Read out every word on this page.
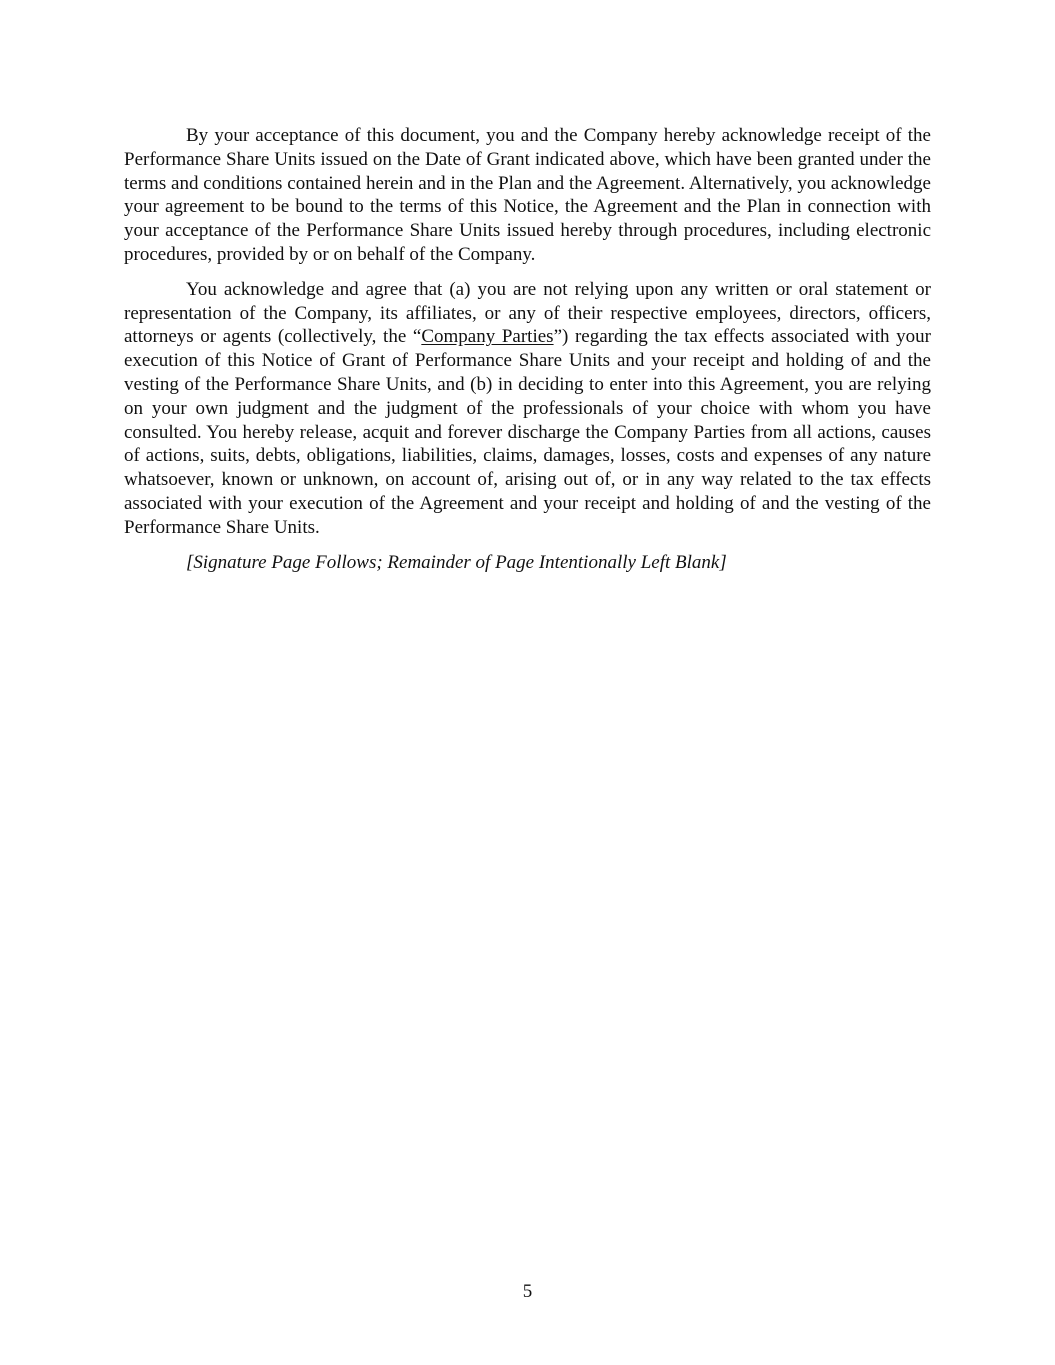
By your acceptance of this document, you and the Company hereby acknowledge receipt of the Performance Share Units issued on the Date of Grant indicated above, which have been granted under the terms and conditions contained herein and in the Plan and the Agreement. Alternatively, you acknowledge your agreement to be bound to the terms of this Notice, the Agreement and the Plan in connection with your acceptance of the Performance Share Units issued hereby through procedures, including electronic procedures, provided by or on behalf of the Company.

You acknowledge and agree that (a) you are not relying upon any written or oral statement or representation of the Company, its affiliates, or any of their respective employees, directors, officers, attorneys or agents (collectively, the “Company Parties”) regarding the tax effects associated with your execution of this Notice of Grant of Performance Share Units and your receipt and holding of and the vesting of the Performance Share Units, and (b) in deciding to enter into this Agreement, you are relying on your own judgment and the judgment of the professionals of your choice with whom you have consulted. You hereby release, acquit and forever discharge the Company Parties from all actions, causes of actions, suits, debts, obligations, liabilities, claims, damages, losses, costs and expenses of any nature whatsoever, known or unknown, on account of, arising out of, or in any way related to the tax effects associated with your execution of the Agreement and your receipt and holding of and the vesting of the Performance Share Units.

[Signature Page Follows; Remainder of Page Intentionally Left Blank]

5
